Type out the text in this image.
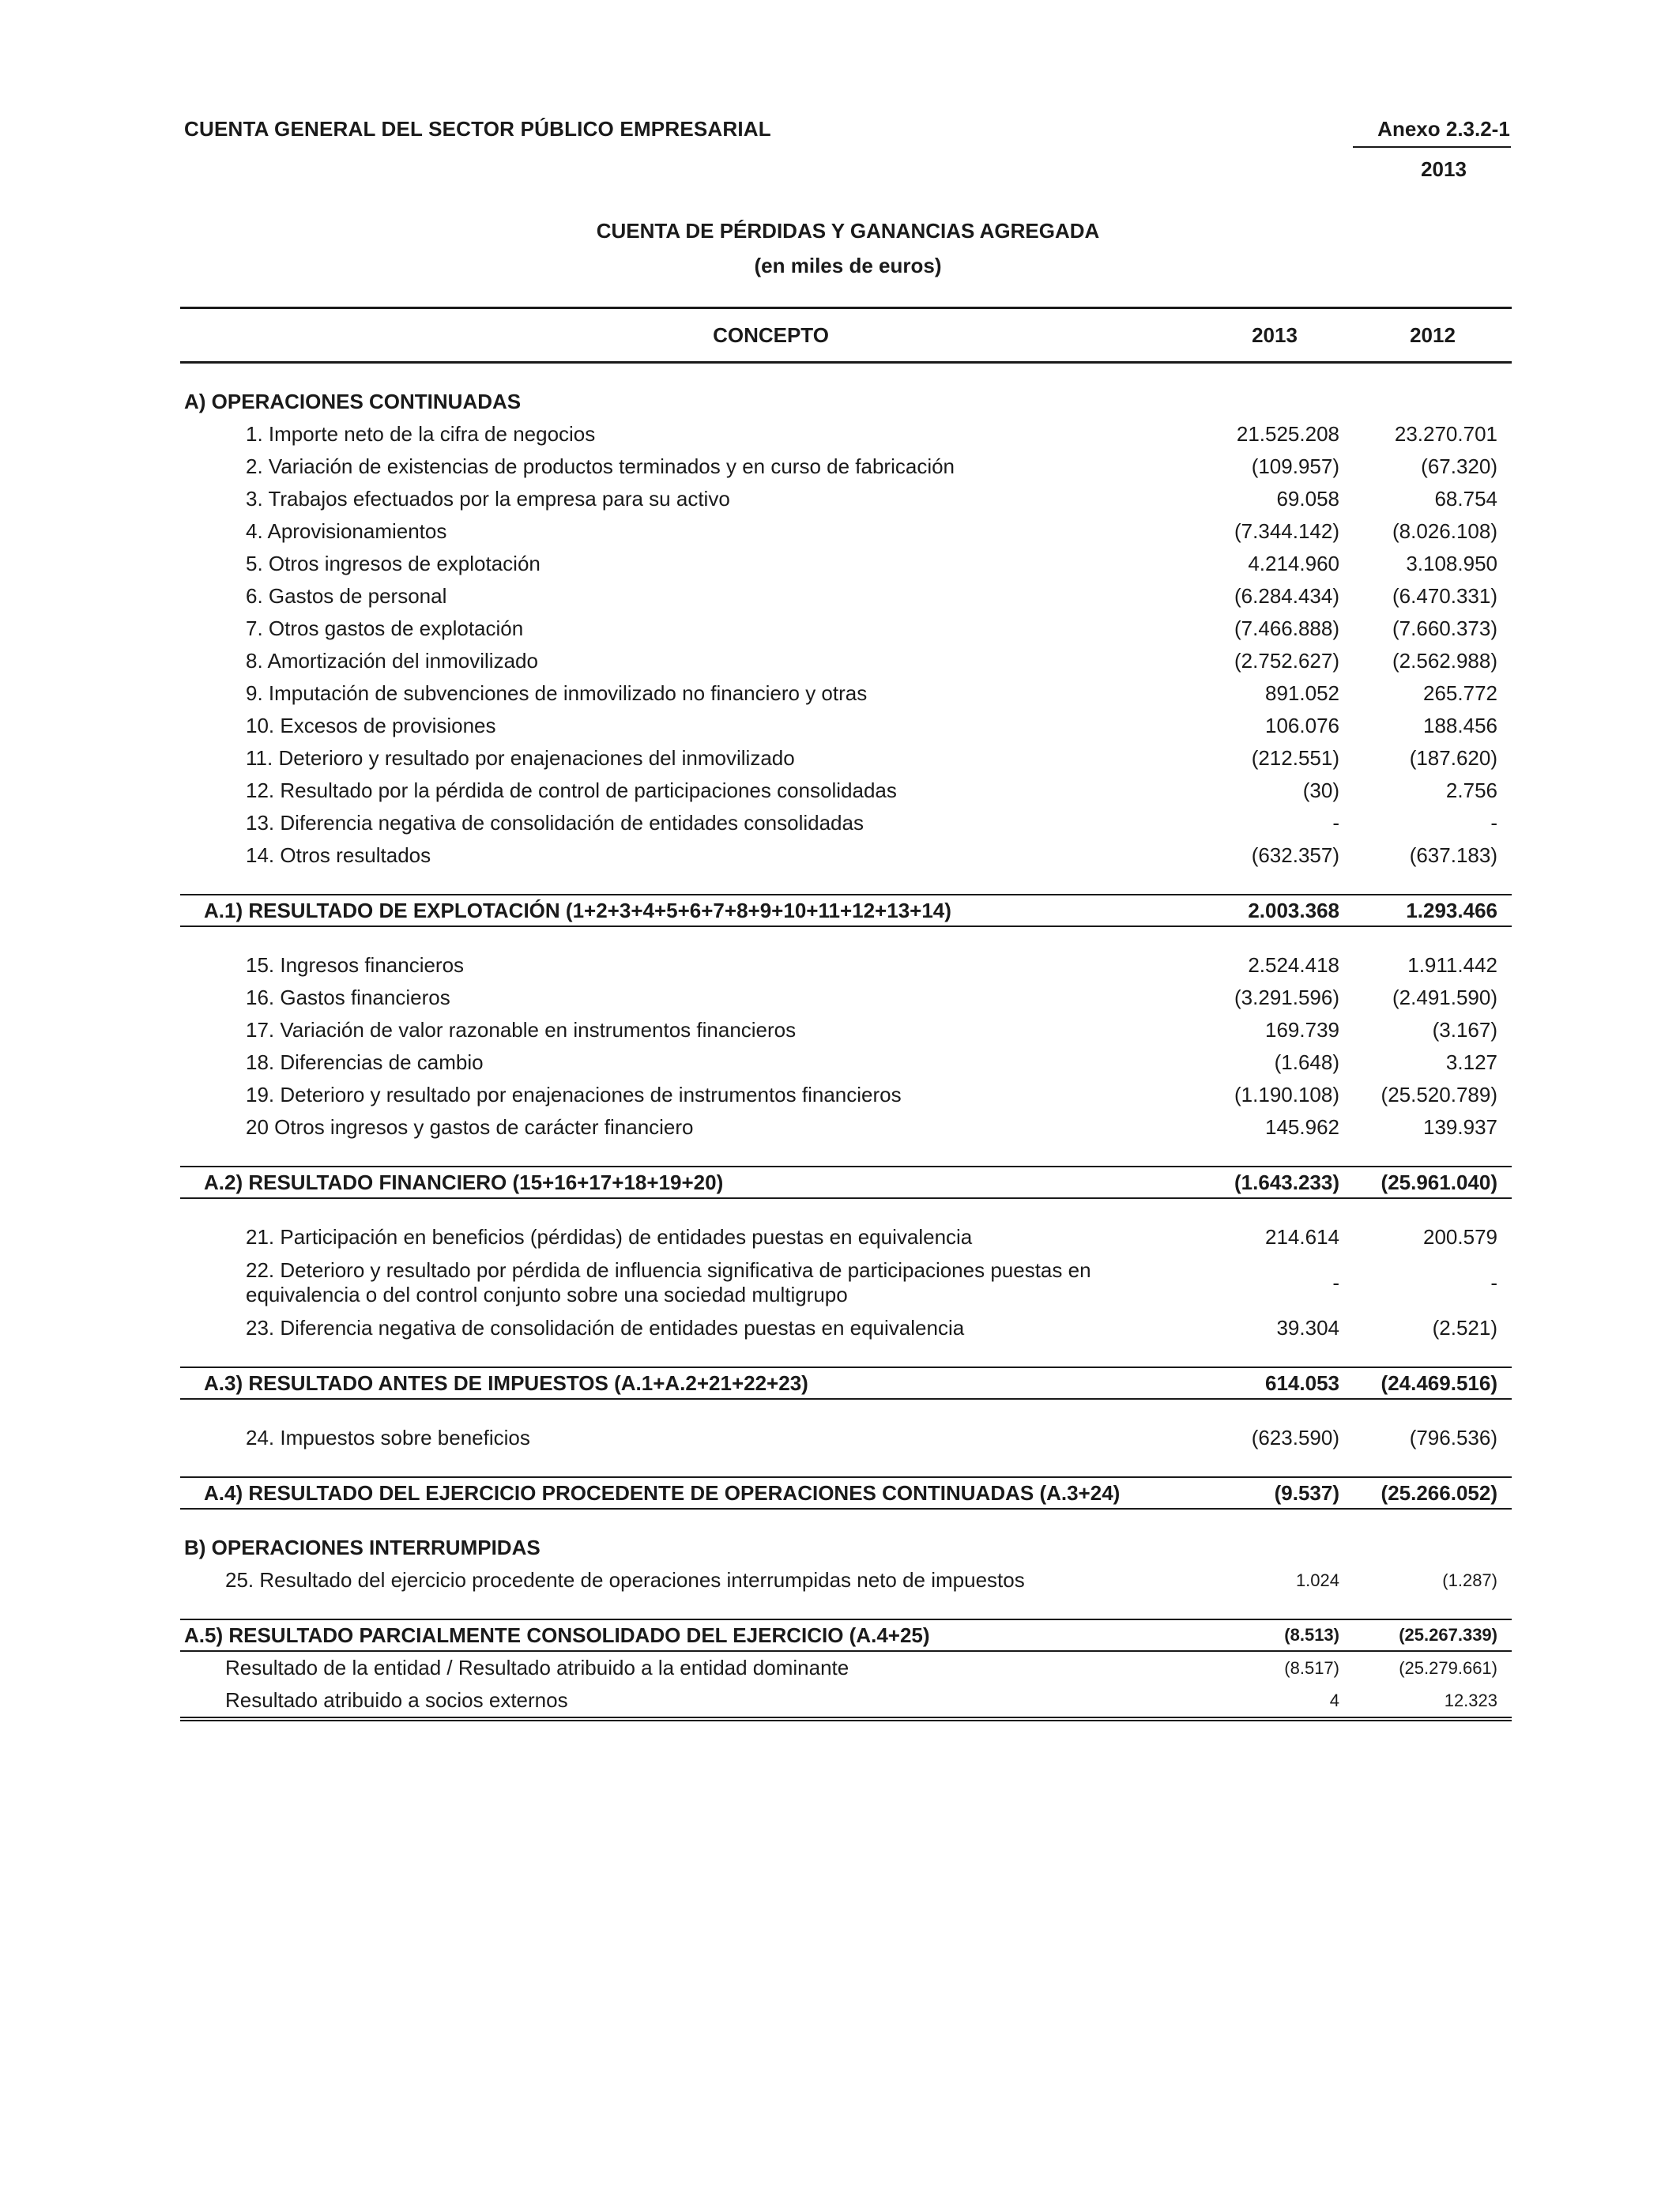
CUENTA GENERAL DEL SECTOR PÚBLICO EMPRESARIAL	Anexo 2.3.2-1
2013
CUENTA DE PÉRDIDAS Y GANANCIAS AGREGADA
(en miles de euros)
CONCEPTO	2013	2012
A) OPERACIONES CONTINUADAS
1. Importe neto de la cifra de negocios	21.525.208	23.270.701
2. Variación de existencias de productos terminados y en curso de fabricación	(109.957)	(67.320)
3. Trabajos efectuados por la empresa para su activo	69.058	68.754
4. Aprovisionamientos	(7.344.142)	(8.026.108)
5. Otros ingresos de explotación	4.214.960	3.108.950
6. Gastos de personal	(6.284.434)	(6.470.331)
7. Otros gastos de explotación	(7.466.888)	(7.660.373)
8. Amortización del inmovilizado	(2.752.627)	(2.562.988)
9. Imputación de subvenciones de inmovilizado no financiero y otras	891.052	265.772
10. Excesos de provisiones	106.076	188.456
11. Deterioro y resultado por enajenaciones del inmovilizado	(212.551)	(187.620)
12. Resultado por la pérdida de control de participaciones consolidadas	(30)	2.756
13. Diferencia negativa de consolidación de entidades consolidadas	-	-
14. Otros resultados	(632.357)	(637.183)
A.1) RESULTADO DE EXPLOTACIÓN (1+2+3+4+5+6+7+8+9+10+11+12+13+14)	2.003.368	1.293.466
15. Ingresos financieros	2.524.418	1.911.442
16. Gastos financieros	(3.291.596)	(2.491.590)
17. Variación de valor razonable en instrumentos financieros	169.739	(3.167)
18. Diferencias de cambio	(1.648)	3.127
19. Deterioro y resultado por enajenaciones de instrumentos financieros	(1.190.108)	(25.520.789)
20 Otros ingresos y gastos de carácter financiero	145.962	139.937
A.2) RESULTADO FINANCIERO (15+16+17+18+19+20)	(1.643.233)	(25.961.040)
21. Participación en beneficios (pérdidas) de entidades puestas en equivalencia	214.614	200.579
22. Deterioro y resultado por pérdida de influencia significativa de participaciones puestas en
equivalencia o del control conjunto sobre una sociedad multigrupo
-	-
23. Diferencia negativa de consolidación de entidades puestas en equivalencia	39.304	(2.521)
A.3) RESULTADO ANTES DE IMPUESTOS (A.1+A.2+21+22+23)	614.053	(24.469.516)
24. Impuestos sobre beneficios	(623.590)	(796.536)
A.4) RESULTADO DEL EJERCICIO PROCEDENTE DE OPERACIONES CONTINUADAS (A.3+24)	(9.537)	(25.266.052)
B) OPERACIONES INTERRUMPIDAS
25. Resultado del ejercicio procedente de operaciones interrumpidas neto de impuestos	1.024	(1.287)
A.5) RESULTADO PARCIALMENTE CONSOLIDADO DEL EJERCICIO (A.4+25)	(8.513)	(25.267.339)
Resultado de la entidad / Resultado atribuido a la entidad dominante	(8.517)	(25.279.661)
Resultado atribuido a socios externos	4	12.323
